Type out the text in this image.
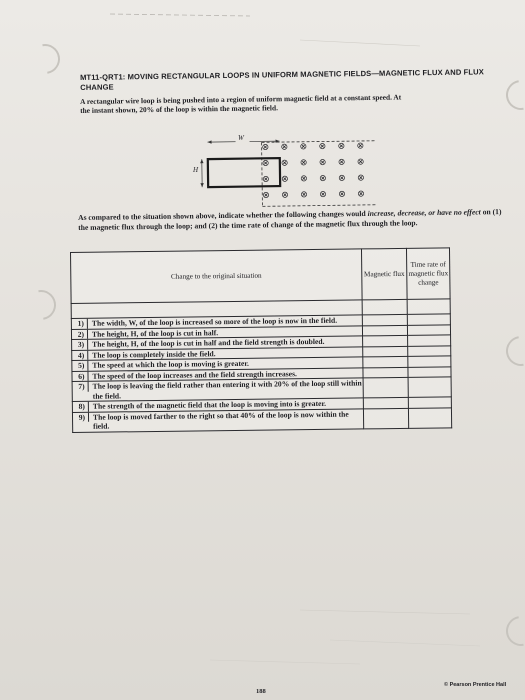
MT11-QRT1: MOVING RECTANGULAR LOOPS IN UNIFORM MAGNETIC FIELDS—MAGNETIC FLUX AND FLUX CHANGE
A rectangular wire loop is being pushed into a region of uniform magnetic field at a constant speed. At
the instant shown, 20% of the loop is within the magnetic field.
W
H
⊗ ⊗ ⊗ ⊗ ⊗ ⊗
⊗ ⊗ ⊗ ⊗ ⊗ ⊗
⊗ ⊗ ⊗ ⊗ ⊗ ⊗
⊗ ⊗ ⊗ ⊗ ⊗ ⊗
As compared to the situation shown above, indicate whether the following changes would increase, decrease, or have no effect on (1) the magnetic flux through the loop; and (2) the time rate of change of the magnetic flux through the loop.
Change to the original situation	Magnetic flux	Time rate of magnetic flux change

1) The width, W, of the loop is increased so more of the loop is now in the field.		

2) The height, H, of the loop is cut in half.		

3) The height, H, of the loop is cut in half and the field strength is doubled.		

4) The loop is completely inside the field.		

5) The speed at which the loop is moving is greater.		

6) The speed of the loop increases and the field strength increases.		

7) The loop is leaving the field rather than entering it with 20% of the loop still within the field.		

8) The strength of the magnetic field that the loop is moving into is greater.		

9) The loop is moved farther to the right so that 40% of the loop is now within the field.		

188
© Pearson Prentice Hall
